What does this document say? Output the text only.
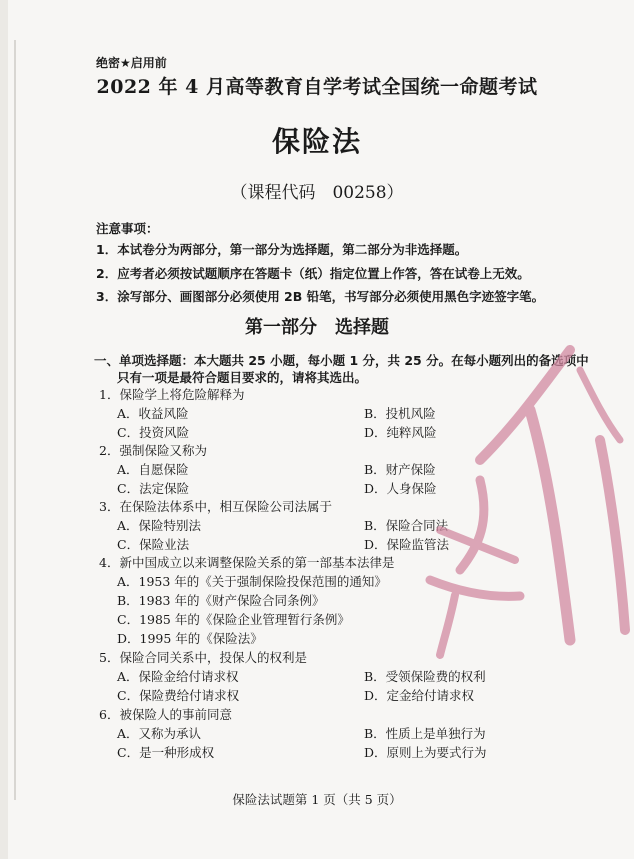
绝密★启用前
2022 年 4 月高等教育自学考试全国统一命题考试
保险法
（课程代码　00258）
注意事项：
1．本试卷分为两部分，第一部分为选择题，第二部分为非选择题。
2．应考者必须按试题顺序在答题卡（纸）指定位置上作答，答在试卷上无效。
3．涂写部分、画图部分必须使用 2B 铅笔，书写部分必须使用黑色字迹签字笔。
第一部分　选择题
一、单项选择题：本大题共 25 小题，每小题 1 分，共 25 分。在每小题列出的备选项中
只有一项是最符合题目要求的，请将其选出。
1．保险学上将危险解释为
A．收益风险	B．投机风险
C．投资风险	D．纯粹风险
2．强制保险又称为
A．自愿保险	B．财产保险
C．法定保险	D．人身保险
3．在保险法体系中，相互保险公司法属于
A．保险特别法	B．保险合同法
C．保险业法	D．保险监管法
4．新中国成立以来调整保险关系的第一部基本法律是
A．1953 年的《关于强制保险投保范围的通知》
B．1983 年的《财产保险合同条例》
C．1985 年的《保险企业管理暂行条例》
D．1995 年的《保险法》
5．保险合同关系中，投保人的权利是
A．保险金给付请求权	B．受领保险费的权利
C．保险费给付请求权	D．定金给付请求权
6．被保险人的事前同意
A．又称为承认	B．性质上是单独行为
C．是一种形成权	D．原则上为要式行为
保险法试题第 1 页（共 5 页）
